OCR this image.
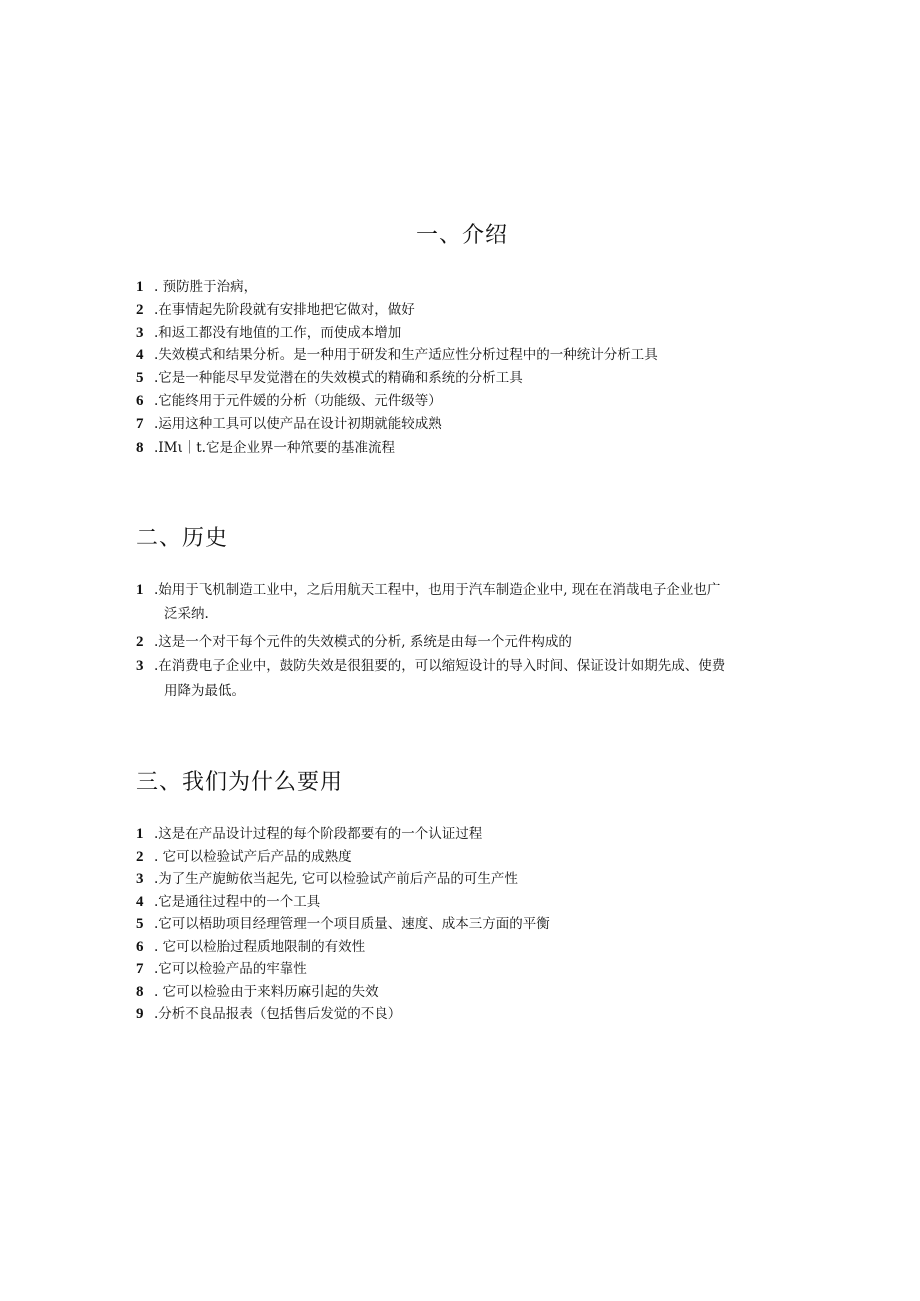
一、介绍
1 . 预防胜于治病，
2 .在事情起先阶段就有安排地把它做对，做好
3 .和返工都没有地值的工作，而使成本增加
4 .失效模式和结果分析。是一种用于研发和生产适应性分析过程中的一种统计分析工具
5 .它是一种能尽早发觉潜在的失效模式的精确和系统的分析工具
6 .它能终用于元件媛的分析（功能级、元件级等）
7 .运用这种工具可以使产品在设计初期就能较成熟
8 .IMι｜t.它是企业界一种笊要的基准流程
二、历史
1 .始用于飞机制造工业中，之后用航天工程中，也用于汽车制造企业中, 现在在消哉电子企业也广
泛采纳.
2 .这是一个对干每个元件的失效模式的分析, 系统是由每一个元件构成的
3 .在消费电子企业中，鼓防失效是很狙要的，可以缩短设计的导入时间、保证设计如期先成、使费
用降为最低。
三、我们为什么要用
1 .这是在产品设计过程的每个阶段都要有的一个认证过程
2 . 它可以检验试产后产品的成熟度
3 .为了生产旎鲂依当起先, 它可以检验试产前后产品的可生产性
4 .它是通往过程中的一个工具
5 .它可以梧助项目经理管理一个项目质量、速度、成本三方面的平衡
6 . 它可以检胎过程质地限制的有效性
7 .它可以检验产品的牢靠性
8 . 它可以检验由于来料历麻引起的失效
9 .分析不良品报表（包括售后发觉的不良）
